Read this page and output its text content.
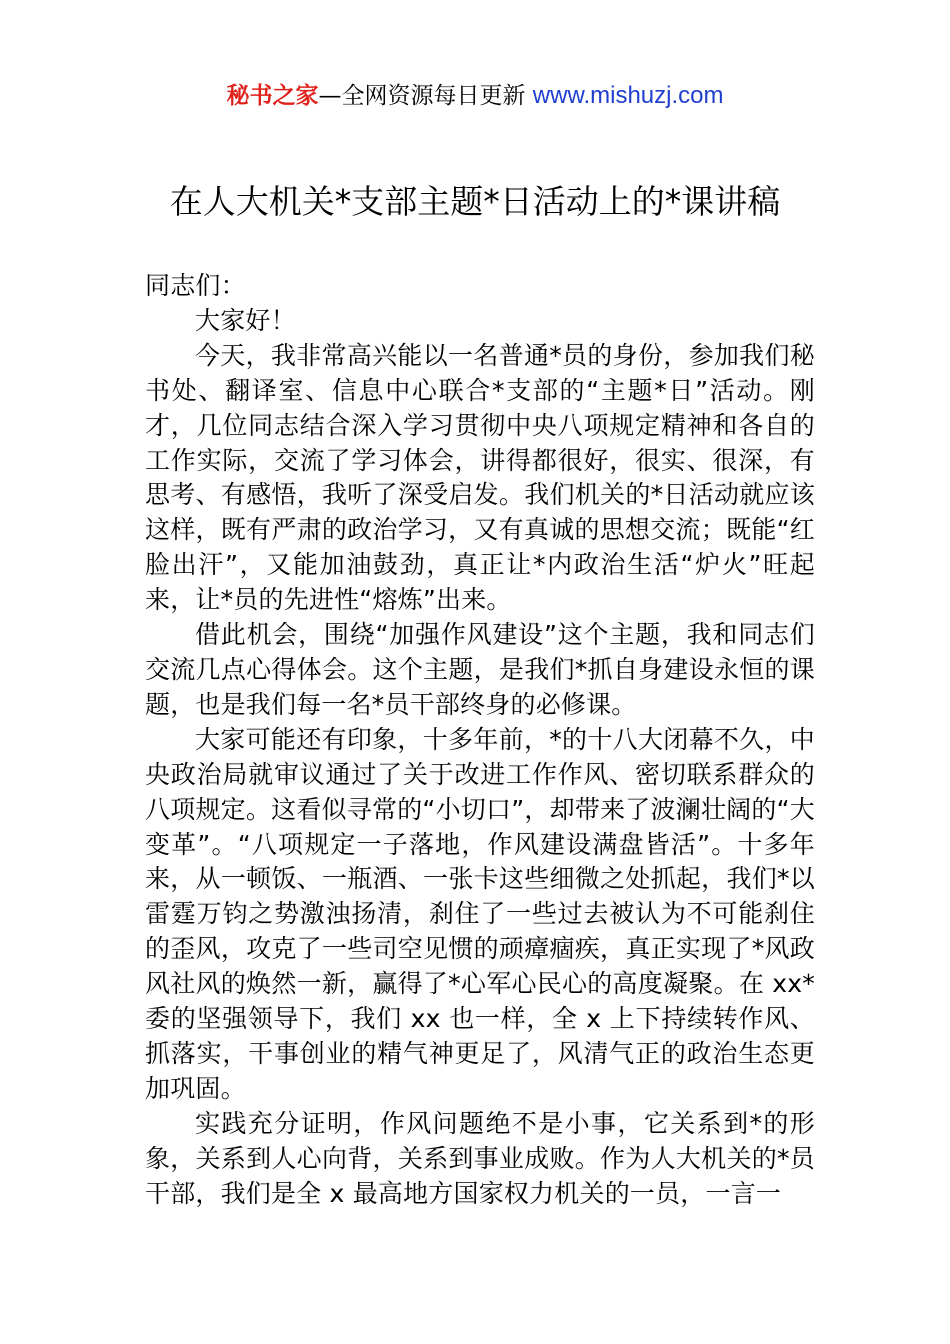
秘书之家—全网资源每日更新 www.mishuzj.com
在人大机关*支部主题*日活动上的*课讲稿

同志们：

大家好！

今天，我非常高兴能以一名普通*员的身份，参加我们秘书处、翻译室、信息中心联合*支部的“主题*日”活动。刚才，几位同志结合深入学习贯彻中央八项规定精神和各自的工作实际，交流了学习体会，讲得都很好，很实、很深，有思考、有感悟，我听了深受启发。我们机关的*日活动就应该这样，既有严肃的政治学习，又有真诚的思想交流；既能“红脸出汗”，又能加油鼓劲，真正让*内政治生活“炉火”旺起来，让*员的先进性“熔炼”出来。

借此机会，围绕“加强作风建设”这个主题，我和同志们交流几点心得体会。这个主题，是我们*抓自身建设永恒的课题，也是我们每一名*员干部终身的必修课。

大家可能还有印象，十多年前，*的十八大闭幕不久，中央政治局就审议通过了关于改进工作作风、密切联系群众的八项规定。这看似寻常的“小切口”，却带来了波澜壮阔的“大变革”。“八项规定一子落地，作风建设满盘皆活”。十多年来，从一顿饭、一瓶酒、一张卡这些细微之处抓起，我们*以雷霆万钧之势激浊扬清，刹住了一些过去被认为不可能刹住的歪风，攻克了一些司空见惯的顽瘴痼疾，真正实现了*风政风社风的焕然一新，赢得了*心军心民心的高度凝聚。在 xx*委的坚强领导下，我们 xx 也一样，全 x 上下持续转作风、抓落实，干事创业的精气神更足了，风清气正的政治生态更加巩固。

实践充分证明，作风问题绝不是小事，它关系到*的形象，关系到人心向背，关系到事业成败。作为人大机关的*员干部，我们是全 x 最高地方国家权力机关的一员，一言一
